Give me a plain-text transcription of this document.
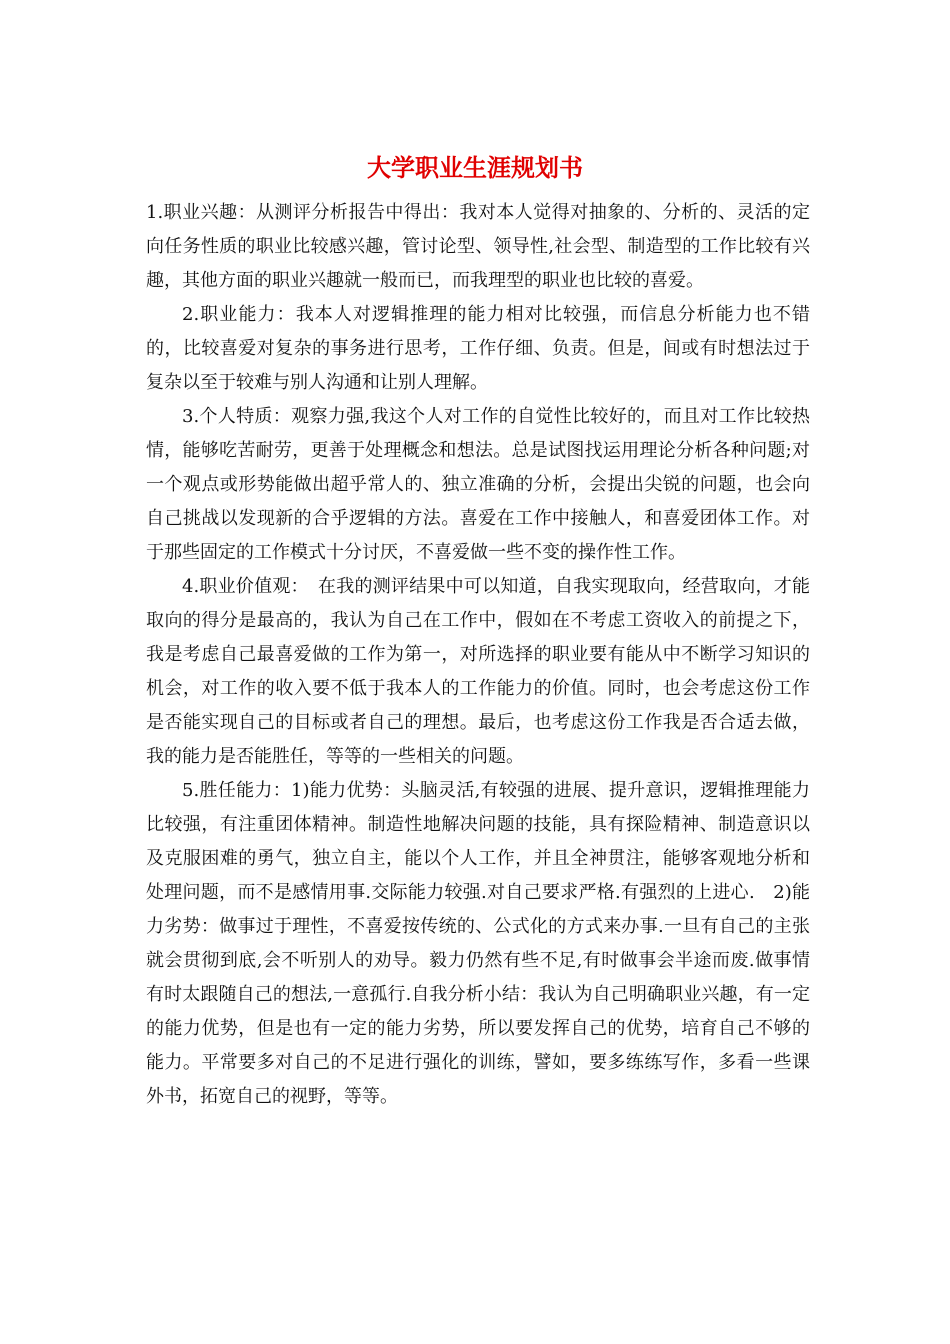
大学职业生涯规划书

1.职业兴趣：从测评分析报告中得出：我对本人觉得对抽象的、分析的、灵活的定向任务性质的职业比较感兴趣，管讨论型、领导性,社会型、制造型的工作比较有兴趣，其他方面的职业兴趣就一般而已，而我理型的职业也比较的喜爱。

2.职业能力：我本人对逻辑推理的能力相对比较强，而信息分析能力也不错的，比较喜爱对复杂的事务进行思考，工作仔细、负责。但是，间或有时想法过于复杂以至于较难与别人沟通和让别人理解。

3.个人特质：观察力强,我这个人对工作的自觉性比较好的，而且对工作比较热情，能够吃苦耐劳，更善于处理概念和想法。总是试图找运用理论分析各种问题;对一个观点或形势能做出超乎常人的、独立准确的分析，会提出尖锐的问题，也会向自己挑战以发现新的合乎逻辑的方法。喜爱在工作中接触人，和喜爱团体工作。对于那些固定的工作模式十分讨厌，不喜爱做一些不变的操作性工作。

4.职业价值观：　在我的测评结果中可以知道，自我实现取向，经营取向，才能取向的得分是最高的，我认为自己在工作中，假如在不考虑工资收入的前提之下，我是考虑自己最喜爱做的工作为第一，对所选择的职业要有能从中不断学习知识的机会，对工作的收入要不低于我本人的工作能力的价值。同时，也会考虑这份工作是否能实现自己的目标或者自己的理想。最后，也考虑这份工作我是否合适去做，我的能力是否能胜任，等等的一些相关的问题。

5.胜任能力：1)能力优势：头脑灵活,有较强的进展、提升意识，逻辑推理能力比较强，有注重团体精神。制造性地解决问题的技能，具有探险精神、制造意识以及克服困难的勇气，独立自主，能以个人工作，并且全神贯注，能够客观地分析和处理问题，而不是感情用事.交际能力较强.对自己要求严格.有强烈的上进心.　2)能力劣势：做事过于理性，不喜爱按传统的、公式化的方式来办事.一旦有自己的主张就会贯彻到底,会不听别人的劝导。毅力仍然有些不足,有时做事会半途而废.做事情有时太跟随自己的想法,一意孤行.自我分析小结：我认为自己明确职业兴趣，有一定的能力优势，但是也有一定的能力劣势，所以要发挥自己的优势，培育自己不够的能力。平常要多对自己的不足进行强化的训练，譬如，要多练练写作，多看一些课外书，拓宽自己的视野，等等。
